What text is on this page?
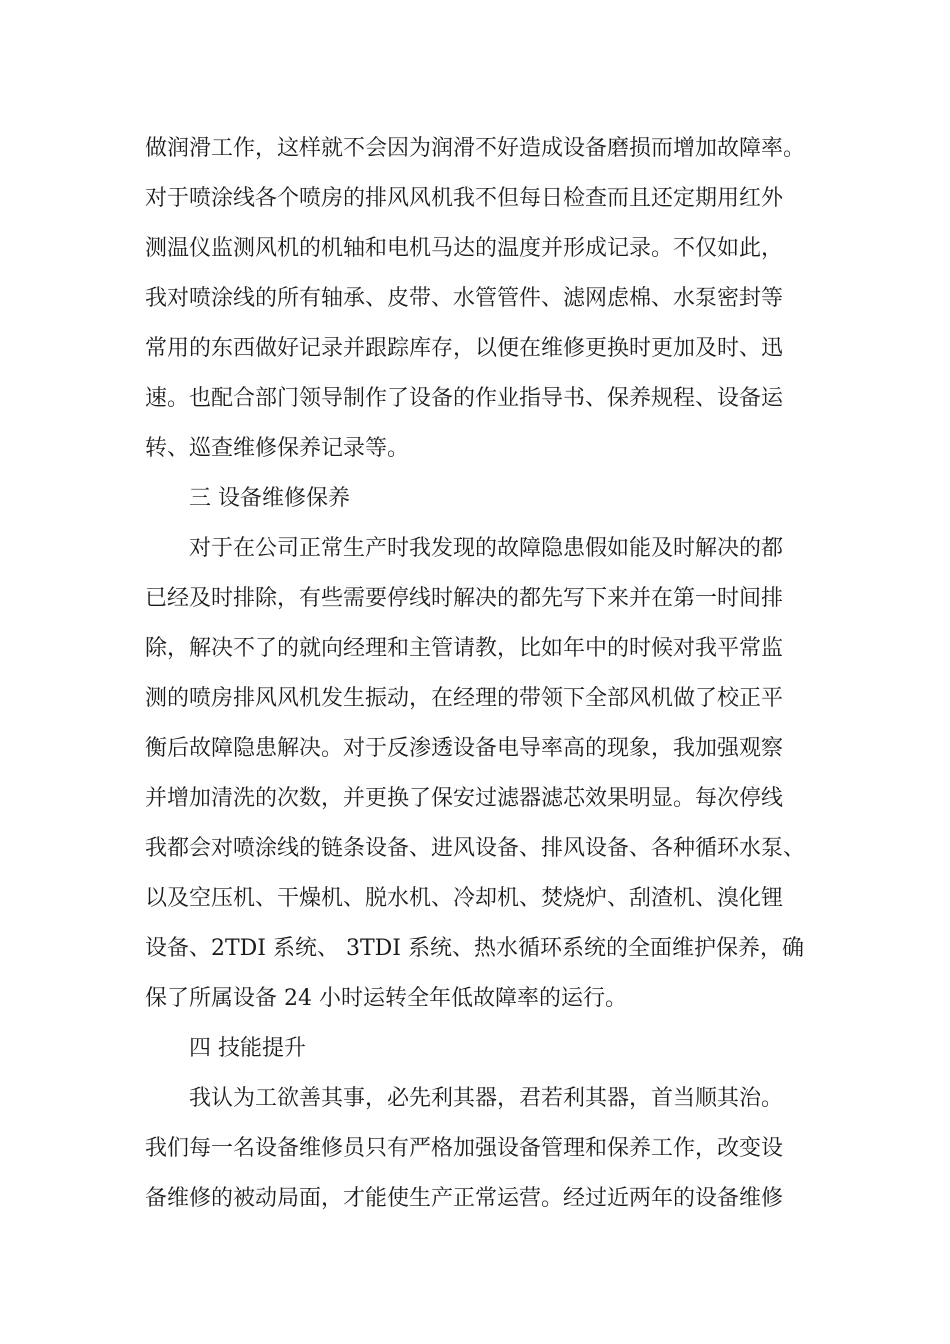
做润滑工作，这样就不会因为润滑不好造成设备磨损而增加故障率。
对于喷涂线各个喷房的排风风机我不但每日检查而且还定期用红外
测温仪监测风机的机轴和电机马达的温度并形成记录。不仅如此，
我对喷涂线的所有轴承、皮带、水管管件、滤网虑棉、水泵密封等
常用的东西做好记录并跟踪库存，以便在维修更换时更加及时、迅
速。也配合部门领导制作了设备的作业指导书、保养规程、设备运
转、巡查维修保养记录等。
三 设备维修保养
对于在公司正常生产时我发现的故障隐患假如能及时解决的都
已经及时排除，有些需要停线时解决的都先写下来并在第一时间排
除，解决不了的就向经理和主管请教，比如年中的时候对我平常监
测的喷房排风风机发生振动，在经理的带领下全部风机做了校正平
衡后故障隐患解决。对于反渗透设备电导率高的现象，我加强观察
并增加清洗的次数，并更换了保安过滤器滤芯效果明显。每次停线
我都会对喷涂线的链条设备、进风设备、排风设备、各种循环水泵、
以及空压机、干燥机、脱水机、冷却机、焚烧炉、刮渣机、溴化锂
设备、2TDI 系统、 3TDI 系统、热水循环系统的全面维护保养，确
保了所属设备 24 小时运转全年低故障率的运行。
四 技能提升
我认为工欲善其事，必先利其器，君若利其器，首当顺其治。
我们每一名设备维修员只有严格加强设备管理和保养工作，改变设
备维修的被动局面，才能使生产正常运营。经过近两年的设备维修
